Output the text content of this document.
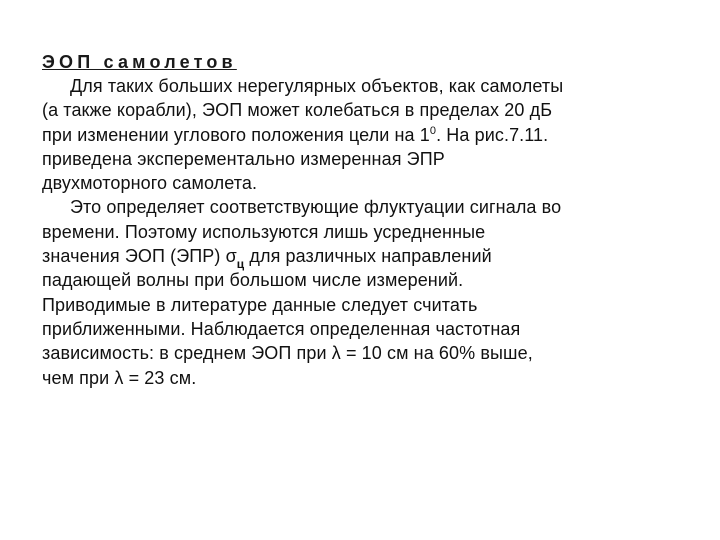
ЭОП самолетов
Для таких больших нерегулярных объектов, как самолеты
(а также корабли), ЭОП может колебаться в пределах 20 дБ
при изменении углового положения цели на $1^0$. На рис.7.11.
приведена эксперементально измеренная ЭПР
двухмоторного самолета.
Это определяет соответствующие флуктуации сигнала во
времени. Поэтому используются лишь усредненные
значения ЭОП (ЭПР) $\sigma_ц$ для различных направлений
падающей волны при большом числе измерений.
Приводимые в литературе данные следует считать
приближенными. Наблюдается определенная частотная
зависимость: в среднем ЭОП при λ = 10 см на 60% выше,
чем при λ = 23 см.
